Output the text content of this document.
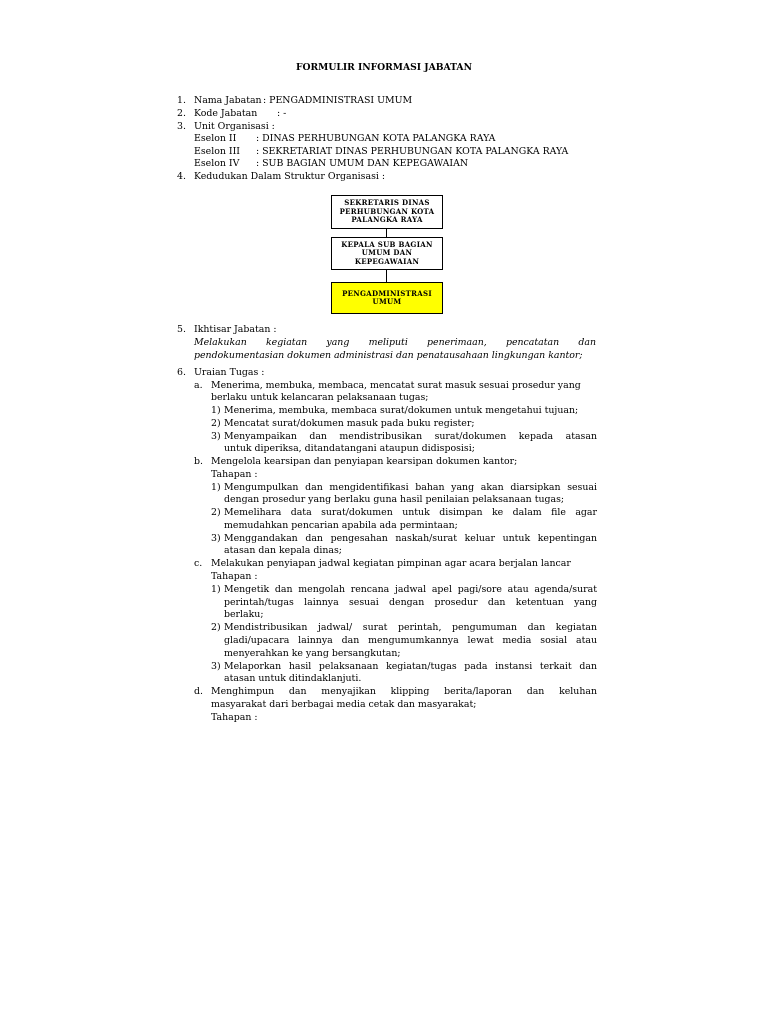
FORMULIR INFORMASI JABATAN
1. Nama Jabatan : PENGADMINISTRASI UMUM
2. Kode Jabatan : -
3. Unit Organisasi :
Eselon II : DINAS PERHUBUNGAN KOTA PALANGKA RAYA
Eselon III : SEKRETARIAT DINAS PERHUBUNGAN KOTA PALANGKA RAYA
Eselon IV : SUB BAGIAN UMUM DAN KEPEGAWAIAN
4. Kedudukan Dalam Struktur Organisasi :
SEKRETARIS DINAS PERHUBUNGAN KOTA PALANGKA RAYA
KEPALA SUB BAGIAN UMUM DAN KEPEGAWAIAN
PENGADMINISTRASI UMUM
5. Ikhtisar Jabatan :
Melakukan kegiatan yang meliputi penerimaan, pencatatan dan
pendokumentasian dokumen administrasi dan penatausahaan lingkungan kantor;
6. Uraian Tugas :
a. Menerima, membuka, membaca, mencatat surat masuk sesuai prosedur yang
berlaku untuk kelancaran pelaksanaan tugas;
1) Menerima, membuka, membaca surat/dokumen untuk mengetahui tujuan;
2) Mencatat surat/dokumen masuk pada buku register;
3) Menyampaikan dan mendistribusikan surat/dokumen kepada atasan
untuk diperiksa, ditandatangani ataupun didisposisi;
b. Mengelola kearsipan dan penyiapan kearsipan dokumen kantor;
Tahapan :
1) Mengumpulkan dan mengidentifikasi bahan yang akan diarsipkan sesuai
dengan prosedur yang berlaku guna hasil penilaian pelaksanaan tugas;
2) Memelihara data surat/dokumen untuk disimpan ke dalam file agar
memudahkan pencarian apabila ada permintaan;
3) Menggandakan dan pengesahan naskah/surat keluar untuk kepentingan
atasan dan kepala dinas;
c. Melakukan penyiapan jadwal kegiatan pimpinan agar acara berjalan lancar
Tahapan :
1) Mengetik dan mengolah rencana jadwal apel pagi/sore atau agenda/surat
perintah/tugas lainnya sesuai dengan prosedur dan ketentuan yang
berlaku;
2) Mendistribusikan jadwal/ surat perintah, pengumuman dan kegiatan
gladi/upacara lainnya dan mengumumkannya lewat media sosial atau
menyerahkan ke yang bersangkutan;
3) Melaporkan hasil pelaksanaan kegiatan/tugas pada instansi terkait dan
atasan untuk ditindaklanjuti.
d. Menghimpun dan menyajikan klipping berita/laporan dan keluhan
masyarakat dari berbagai media cetak dan masyarakat;
Tahapan :
